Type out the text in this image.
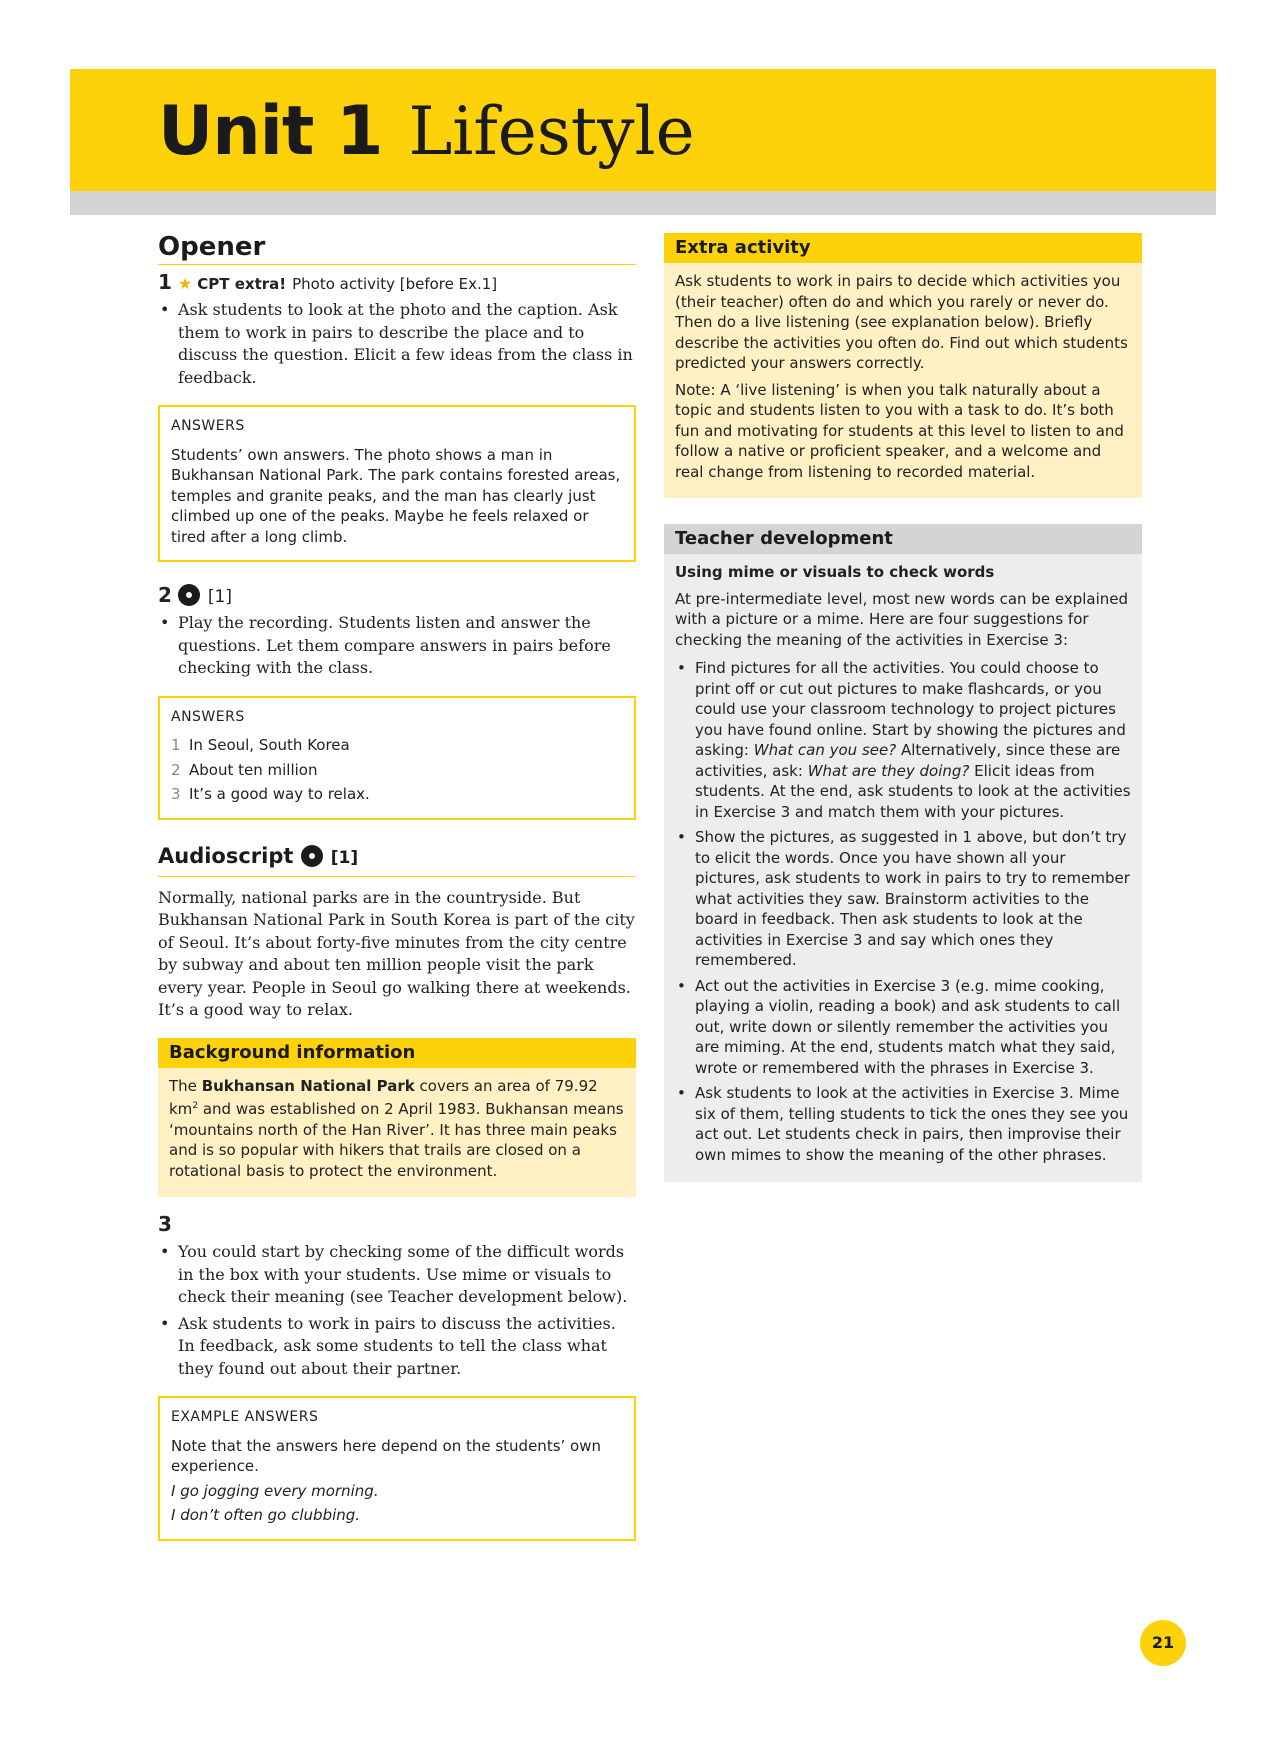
Unit 1 Lifestyle
Opener
1 ★ CPT extra! Photo activity [before Ex.1]
• Ask students to look at the photo and the caption. Ask them to work in pairs to describe the place and to discuss the question. Elicit a few ideas from the class in feedback.
ANSWERS

Students’ own answers. The photo shows a man in Bukhansan National Park. The park contains forested areas, temples and granite peaks, and the man has clearly just climbed up one of the peaks. Maybe he feels relaxed or tired after a long climb.

2 [1]
• Play the recording. Students listen and answer the questions. Let them compare answers in pairs before checking with the class.
ANSWERS

1 In Seoul, South Korea

2 About ten million

3 It’s a good way to relax.

Audioscript [1]

Normally, national parks are in the countryside. But Bukhansan National Park in South Korea is part of the city of Seoul. It’s about forty-five minutes from the city centre by subway and about ten million people visit the park every year. People in Seoul go walking there at weekends. It’s a good way to relax.

Background information

The Bukhansan National Park covers an area of 79.92 $km^2$ and was established on 2 April 1983. Bukhansan means ‘mountains north of the Han River’. It has three main peaks and is so popular with hikers that trails are closed on a rotational basis to protect the environment.

3
• You could start by checking some of the difficult words in the box with your students. Use mime or visuals to check their meaning (see Teacher development below).
• Ask students to work in pairs to discuss the activities. In feedback, ask some students to tell the class what they found out about their partner.
EXAMPLE ANSWERS

Note that the answers here depend on the students’ own experience.

I go jogging every morning.

I don’t often go clubbing.

Extra activity

Ask students to work in pairs to decide which activities you (their teacher) often do and which you rarely or never do. Then do a live listening (see explanation below). Briefly describe the activities you often do. Find out which students predicted your answers correctly.

Note: A ‘live listening’ is when you talk naturally about a topic and students listen to you with a task to do. It’s both fun and motivating for students at this level to listen to and follow a native or proficient speaker, and a welcome and real change from listening to recorded material.

Teacher development
Using mime or visuals to check words

At pre-intermediate level, most new words can be explained with a picture or a mime. Here are four suggestions for checking the meaning of the activities in Exercise 3:

• Find pictures for all the activities. You could choose to print off or cut out pictures to make flashcards, or you could use your classroom technology to project pictures you have found online. Start by showing the pictures and asking: What can you see? Alternatively, since these are activities, ask: What are they doing? Elicit ideas from students. At the end, ask students to look at the activities in Exercise 3 and match them with your pictures.
• Show the pictures, as suggested in 1 above, but don’t try to elicit the words. Once you have shown all your pictures, ask students to work in pairs to try to remember what activities they saw. Brainstorm activities to the board in feedback. Then ask students to look at the activities in Exercise 3 and say which ones they remembered.
• Act out the activities in Exercise 3 (e.g. mime cooking, playing a violin, reading a book) and ask students to call out, write down or silently remember the activities you are miming. At the end, students match what they said, wrote or remembered with the phrases in Exercise 3.
• Ask students to look at the activities in Exercise 3. Mime six of them, telling students to tick the ones they see you act out. Let students check in pairs, then improvise their own mimes to show the meaning of the other phrases.
21
